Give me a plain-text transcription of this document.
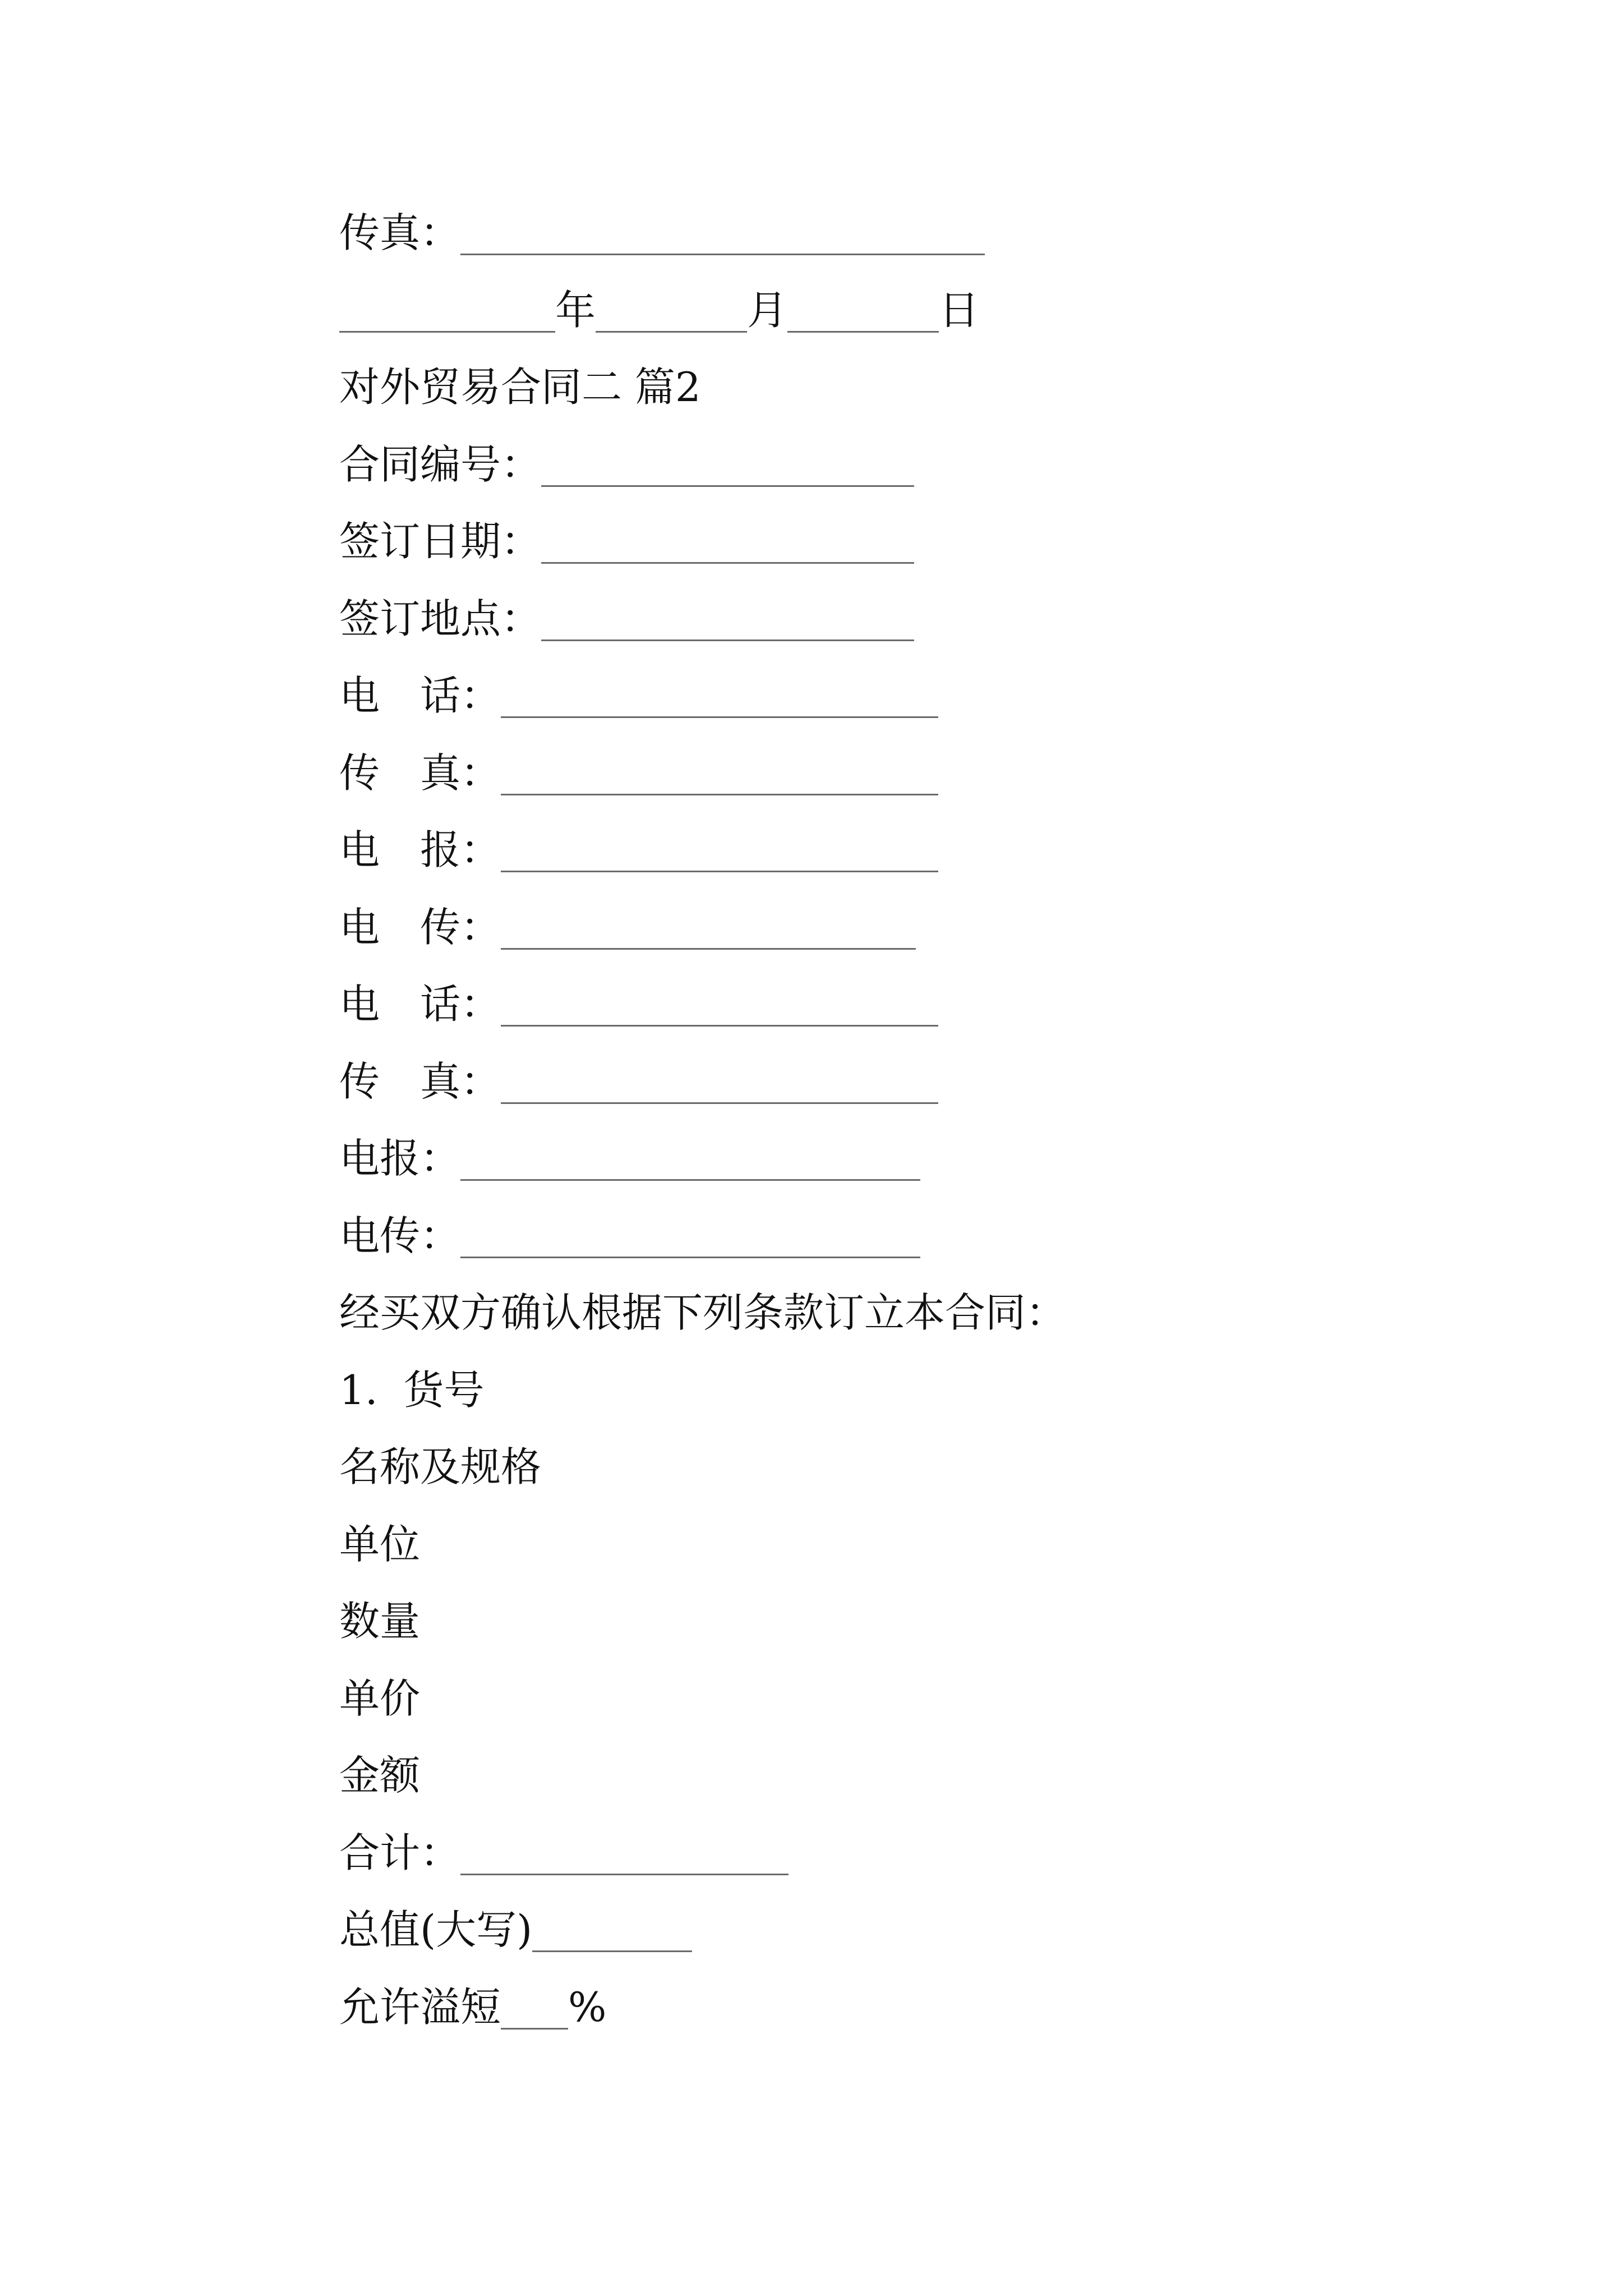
传真：
年	月	日
对外贸易合同二 篇2
合同编号：
签订日期：
签订地点：
电 话：
传 真：
电 报：
电 传：
电 话：
传 真：
电报：
电传：
经买双方确认根据下列条款订立本合同：
1.  货号
名称及规格
单位
数量
单价
金额
合计：
总值(大写)
允许溢短 %
